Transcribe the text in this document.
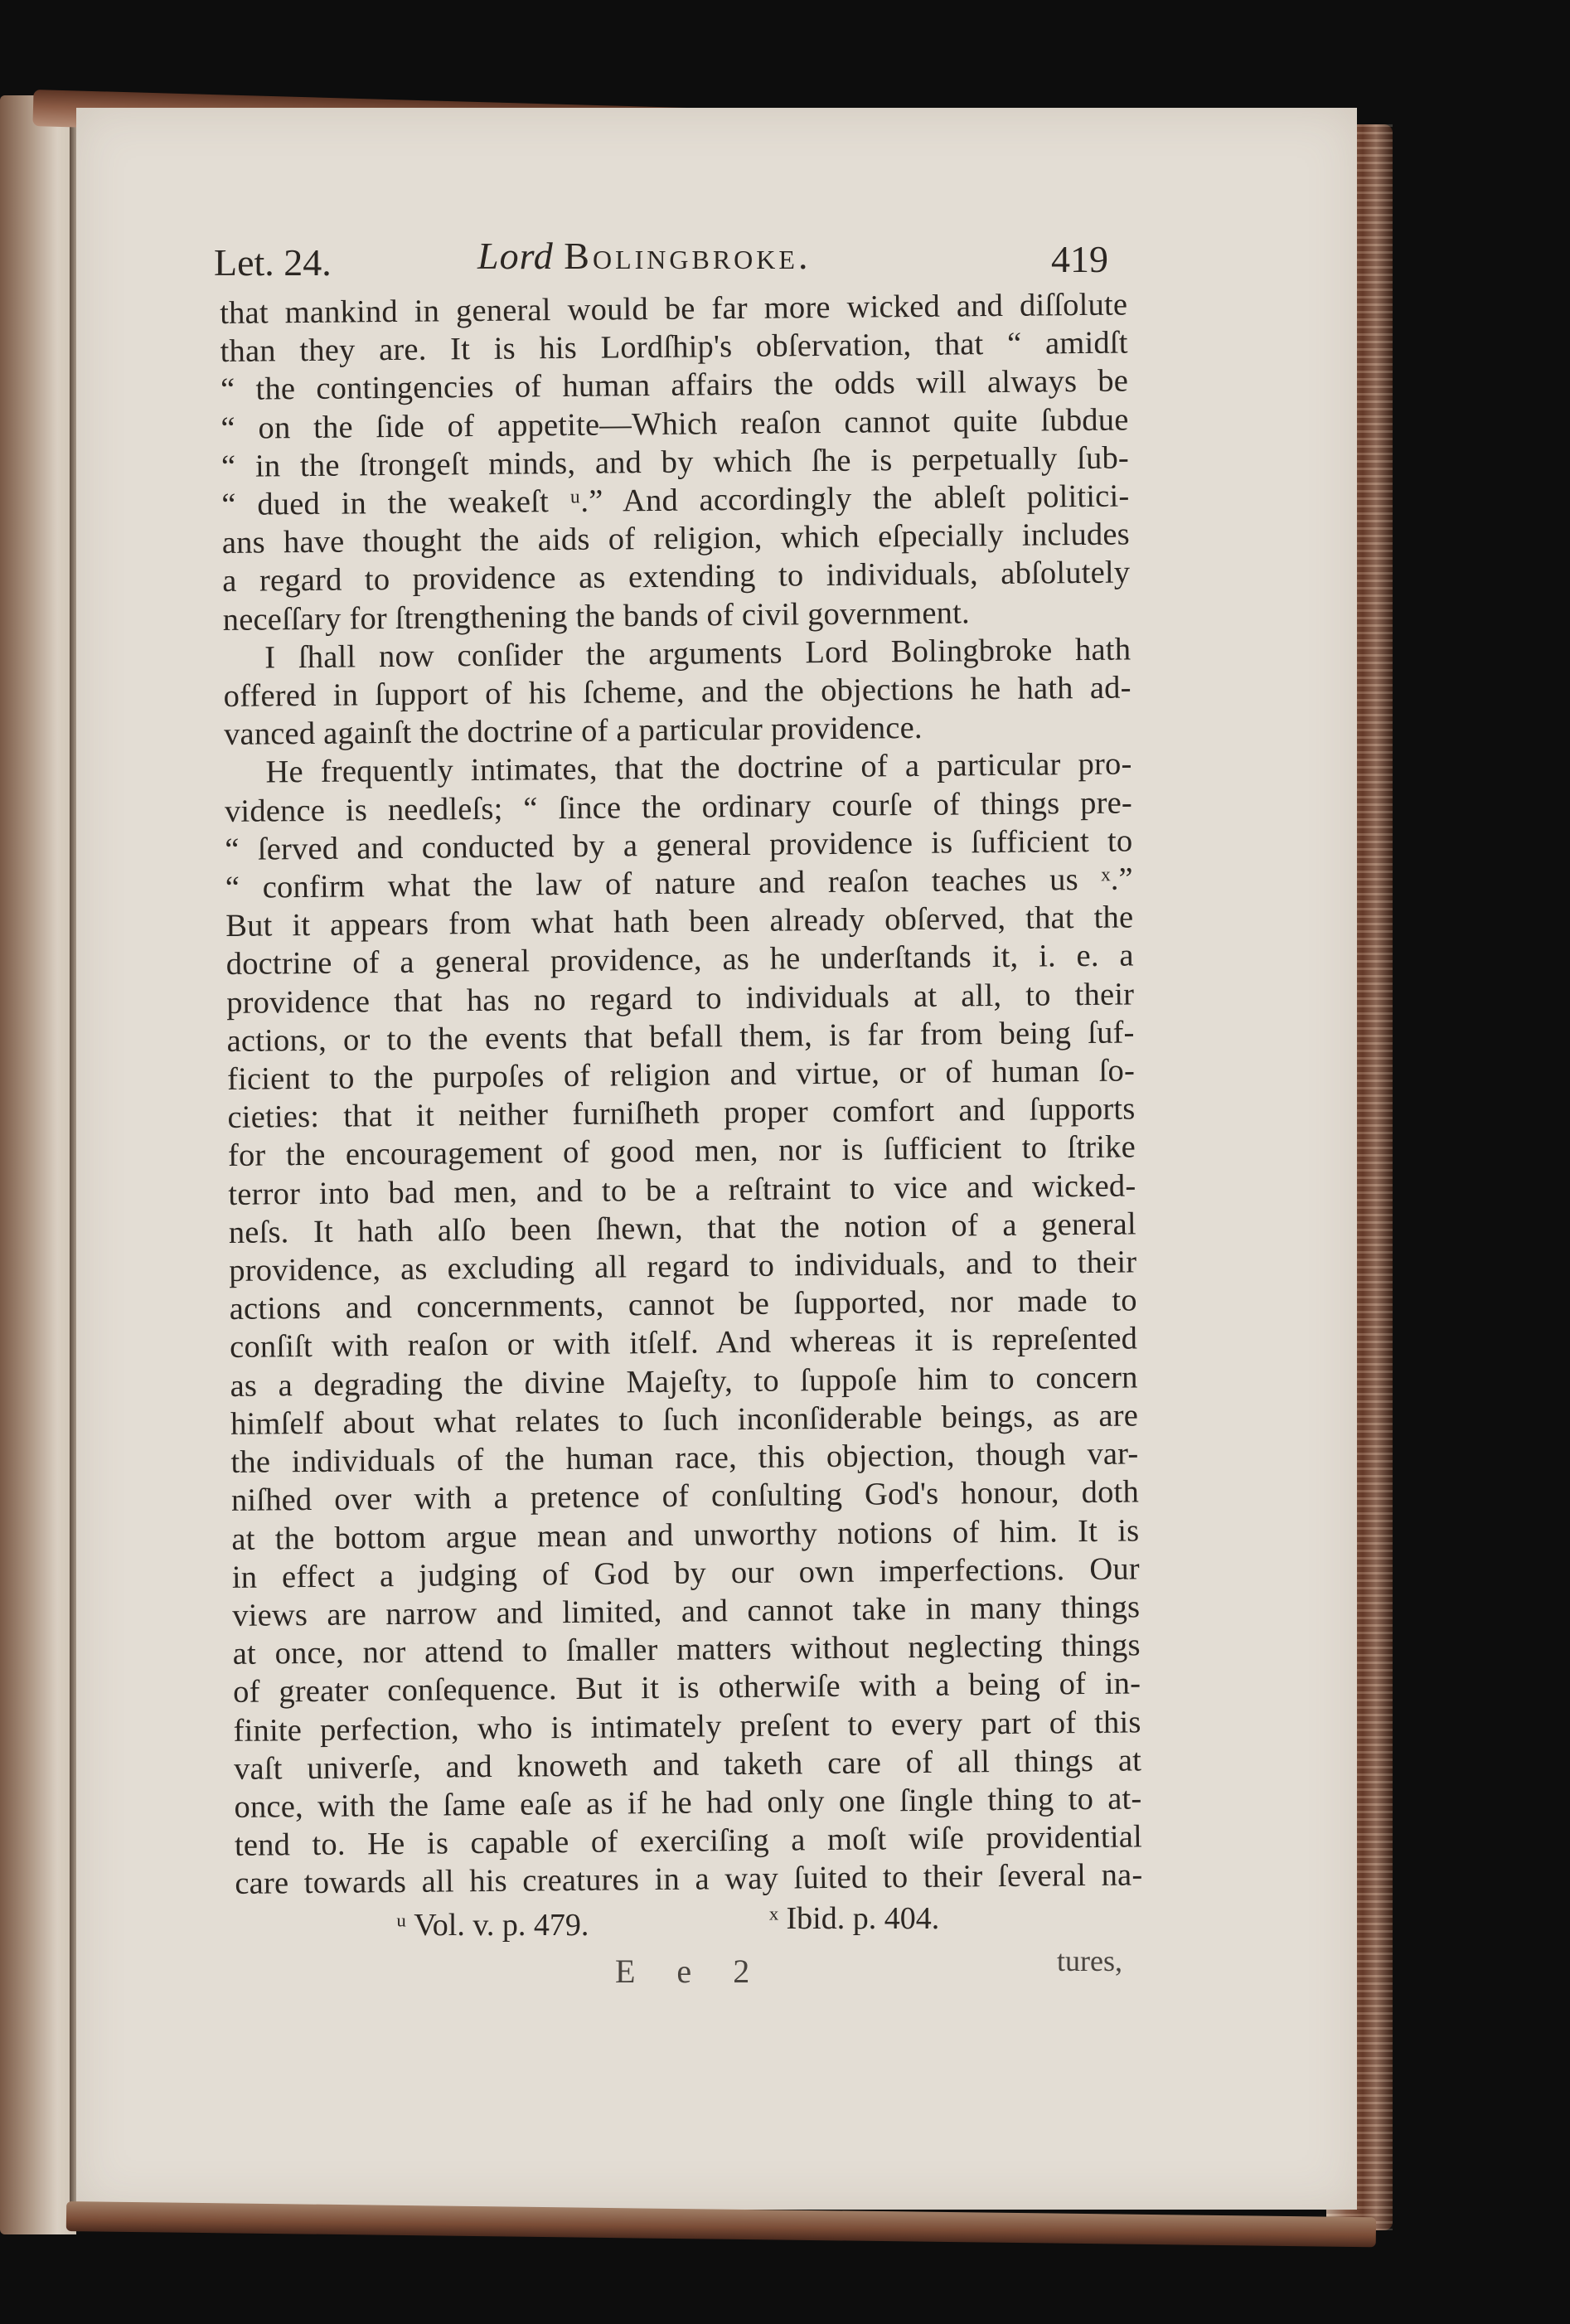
Let. 24.	Lord Bolingbroke.	419
that mankind in general would be far more wicked and diſſolute
than they are. It is his Lordſhip's obſervation, that “ amidſt
“ the contingencies of human affairs the odds will always be
“ on the ſide of appetite—Which reaſon cannot quite ſubdue
“ in the ſtrongeſt minds, and by which ſhe is perpetually ſub-
“ dued in the weakeſt ᵘ.” And accordingly the ableſt politici-
ans have thought the aids of religion, which eſpecially includes
a regard to providence as extending to individuals, abſolutely
neceſſary for ſtrengthening the bands of civil government.
I ſhall now conſider the arguments Lord Bolingbroke hath
offered in ſupport of his ſcheme, and the objections he hath ad-
vanced againſt the doctrine of a particular providence.
He frequently intimates, that the doctrine of a particular pro-
vidence is needleſs; “ ſince the ordinary courſe of things pre-
“ ſerved and conducted by a general providence is ſufficient to
“ confirm what the law of nature and reaſon teaches us ˣ.”
But it appears from what hath been already obſerved, that the
doctrine of a general providence, as he underſtands it, i. e. a
providence that has no regard to individuals at all, to their
actions, or to the events that befall them, is far from being ſuf-
ficient to the purpoſes of religion and virtue, or of human ſo-
cieties: that it neither furniſheth proper comfort and ſupports
for the encouragement of good men, nor is ſufficient to ſtrike
terror into bad men, and to be a reſtraint to vice and wicked-
neſs. It hath alſo been ſhewn, that the notion of a general
providence, as excluding all regard to individuals, and to their
actions and concernments, cannot be ſupported, nor made to
conſiſt with reaſon or with itſelf. And whereas it is repreſented
as a degrading the divine Majeſty, to ſuppoſe him to concern
himſelf about what relates to ſuch inconſiderable beings, as are
the individuals of the human race, this objection, though var-
niſhed over with a pretence of conſulting God's honour, doth
at the bottom argue mean and unworthy notions of him. It is
in effect a judging of God by our own imperfections. Our
views are narrow and limited, and cannot take in many things
at once, nor attend to ſmaller matters without neglecting things
of greater conſequence. But it is otherwiſe with a being of in-
finite perfection, who is intimately preſent to every part of this
vaſt univerſe, and knoweth and taketh care of all things at
once, with the ſame eaſe as if he had only one ſingle thing to at-
tend to. He is capable of exerciſing a moſt wiſe providential
care towards all his creatures in a way ſuited to their ſeveral na-
ᵘ Vol. v. p. 479.	ˣ Ibid. p. 404.
E e 2	tures,
